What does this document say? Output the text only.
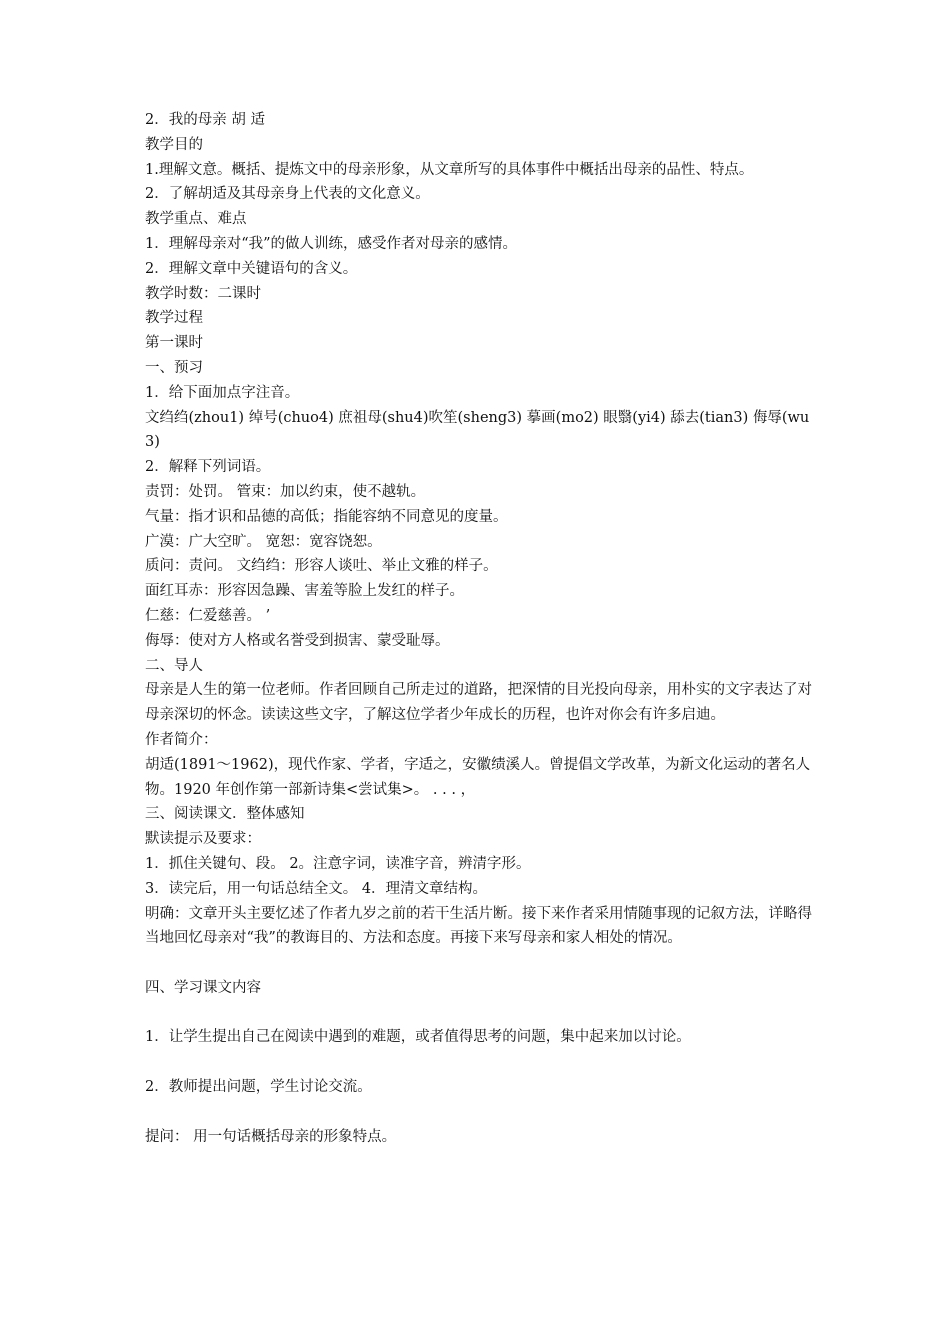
2．我的母亲 胡 适

教学目的

1.理解文意。概括、提炼文中的母亲形象，从文章所写的具体事件中概括出母亲的品性、特点。

2．了解胡适及其母亲身上代表的文化意义。

教学重点、难点

1．理解母亲对“我”的做人训练，感受作者对母亲的感情。

2．理解文章中关键语句的含义。

教学时数：二课时

教学过程

第一课时

一、预习

1．给下面加点字注音。

文绉绉(zhou1) 绰号(chuo4) 庶祖母(shu4)吹笙(sheng3) 摹画(mo2) 眼翳(yi4) 舔去(tian3) 侮辱(wu3)

2．解释下列词语。

责罚：处罚。 管束：加以约束，使不越轨。

气量：指才识和品德的高低；指能容纳不同意见的度量。

广漠：广大空旷。 宽恕：宽容饶恕。

质问：责问。 文绉绉：形容人谈吐、举止文雅的样子。

面红耳赤：形容因急躁、害羞等脸上发红的样子。

仁慈：仁爱慈善。 ’

侮辱：使对方人格或名誉受到损害、蒙受耻辱。

二、导人

母亲是人生的第一位老师。作者回顾自己所走过的道路，把深情的目光投向母亲，用朴实的文字表达了对母亲深切的怀念。读读这些文字，了解这位学者少年成长的历程，也许对你会有许多启迪。

作者简介：

胡适(1891～1962)，现代作家、学者，字适之，安徽绩溪人。曾提倡文学改革，为新文化运动的著名人物。1920 年创作第一部新诗集<尝试集>。 . . . ，

三、阅读课文．整体感知

默读提示及要求：

1．抓住关键句、段。 2。注意字词，读准字音，辨清字形。

3．读完后，用一句话总结全文。 4．理清文章结构。

明确：文章开头主要忆述了作者九岁之前的若干生活片断。接下来作者采用情随事现的记叙方法，详略得当地回忆母亲对“我”的教诲目的、方法和态度。再接下来写母亲和家人相处的情况。

四、学习课文内容

1．让学生提出自己在阅读中遇到的难题，或者值得思考的问题，集中起来加以讨论。

2．教师提出问题，学生讨论交流。

提问： 用一句话概括母亲的形象特点。
